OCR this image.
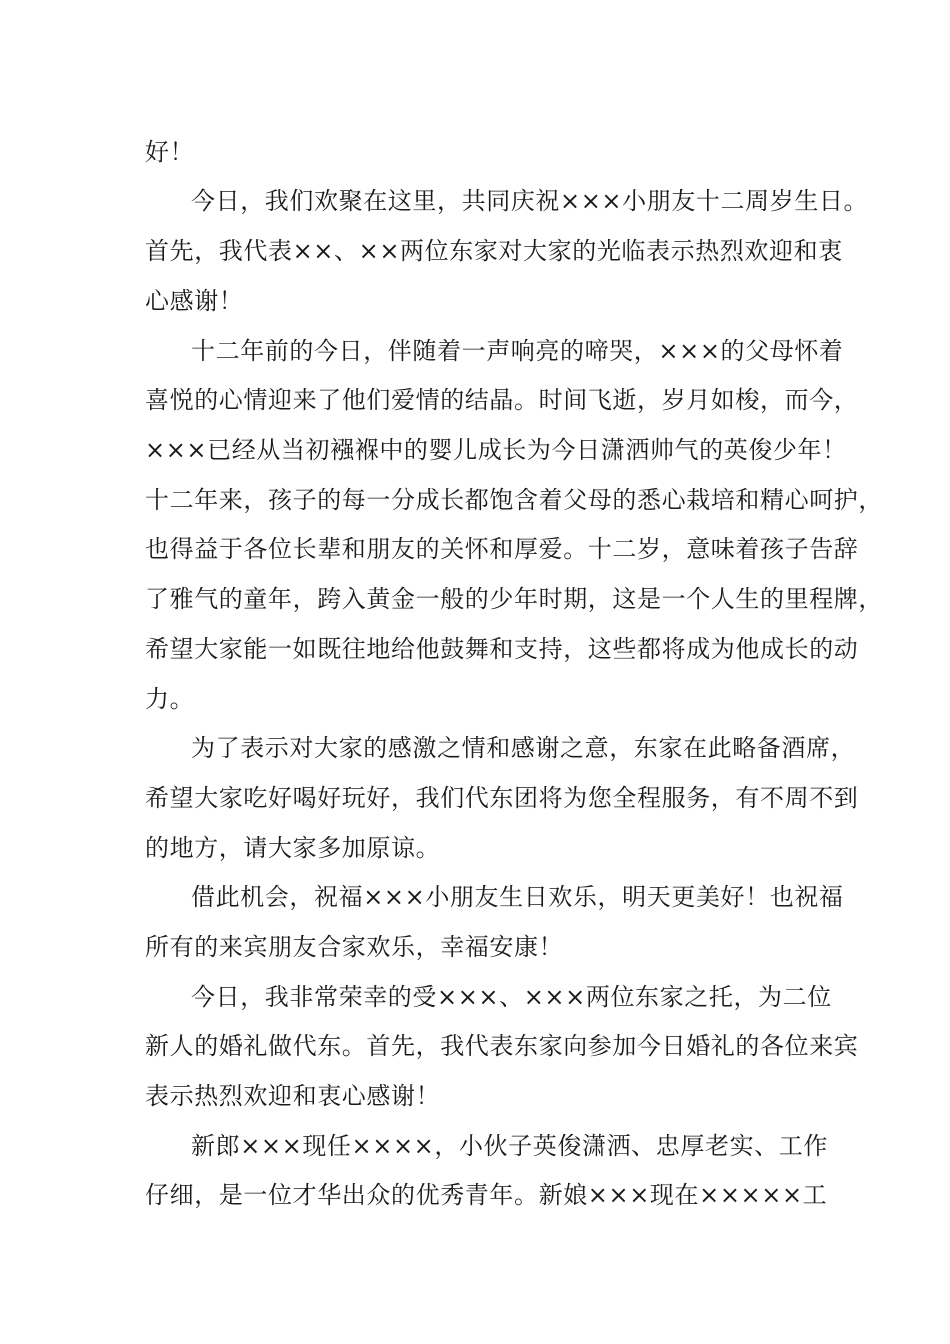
好！

今日，我们欢聚在这里，共同庆祝×××小朋友十二周岁生日。

首先，我代表××、××两位东家对大家的光临表示热烈欢迎和衷

心感谢！

十二年前的今日，伴随着一声响亮的啼哭，×××的父母怀着

喜悦的心情迎来了他们爱情的结晶。时间飞逝，岁月如梭，而今，

×××已经从当初襁褓中的婴儿成长为今日潇洒帅气的英俊少年！

十二年来，孩子的每一分成长都饱含着父母的悉心栽培和精心呵护，

也得益于各位长辈和朋友的关怀和厚爱。十二岁，意味着孩子告辞

了雅气的童年，跨入黄金一般的少年时期，这是一个人生的里程牌，

希望大家能一如既往地给他鼓舞和支持，这些都将成为他成长的动

力。

为了表示对大家的感激之情和感谢之意，东家在此略备酒席，

希望大家吃好喝好玩好，我们代东团将为您全程服务，有不周不到

的地方，请大家多加原谅。

借此机会，祝福×××小朋友生日欢乐，明天更美好！也祝福

所有的来宾朋友合家欢乐，幸福安康！

今日，我非常荣幸的受×××、×××两位东家之托，为二位

新人的婚礼做代东。首先，我代表东家向参加今日婚礼的各位来宾

表示热烈欢迎和衷心感谢！

新郎×××现任××××，小伙子英俊潇洒、忠厚老实、工作

仔细，是一位才华出众的优秀青年。新娘×××现在×××××工
